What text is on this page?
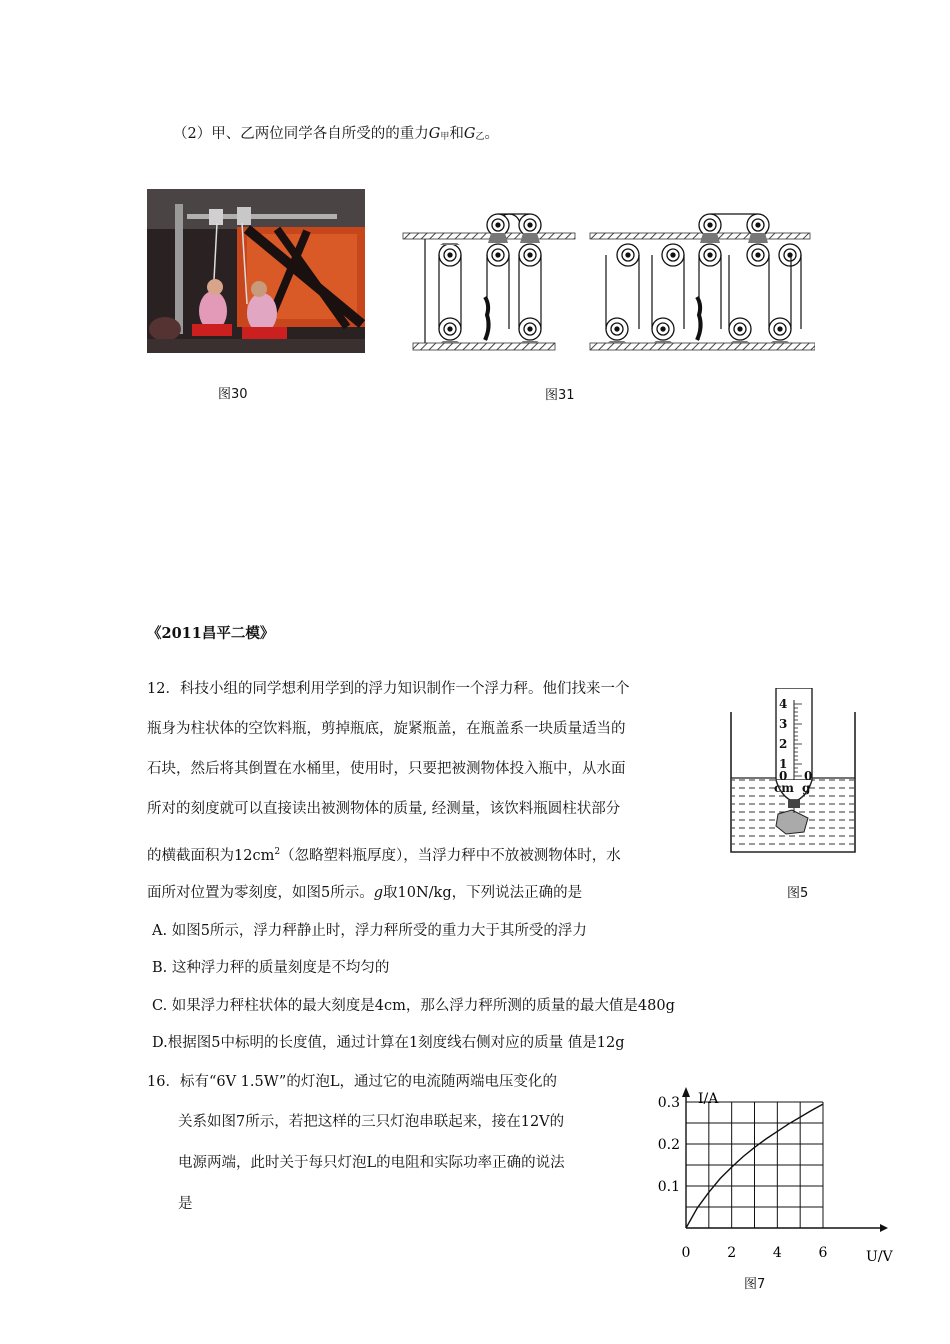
（2）甲、乙两位同学各自所受的的重力$G_甲$和$G_乙$。
图30	图31
《2011昌平二模》
12．科技小组的同学想利用学到的浮力知识制作一个浮力秤。他们找来一个
瓶身为柱状体的空饮料瓶，剪掉瓶底，旋紧瓶盖，在瓶盖系一块质量适当的
石块，然后将其倒置在水桶里，使用时，只要把被测物体投入瓶中，从水面
所对的刻度就可以直接读出被测物体的质量, 经测量，该饮料瓶圆柱状部分
的横截面积为$12cm^2$（忽略塑料瓶厚度），当浮力秤中不放被测物体时，水
面所对位置为零刻度，如图5所示。g取10N/kg，下列说法正确的是
A. 如图5所示，浮力秤静止时，浮力秤所受的重力大于其所受的浮力
B. 这种浮力秤的质量刻度是不均匀的
C. 如果浮力秤柱状体的最大刻度是4cm，那么浮力秤所测的质量的最大值是480g
D.根据图5中标明的长度值，通过计算在1刻度线右侧对应的质量 值是12g
4
3
2
1
0
cm
0
g
图5
16．标有“6V 1.5W”的灯泡L，通过它的电流随两端电压变化的
关系如图7所示，若把这样的三只灯泡串联起来，接在12V的
电源两端，此时关于每只灯泡L的电阻和实际功率正确的说法
是
I/A
U/V
0	2	4	6
0.1
0.2
0.3
图7
